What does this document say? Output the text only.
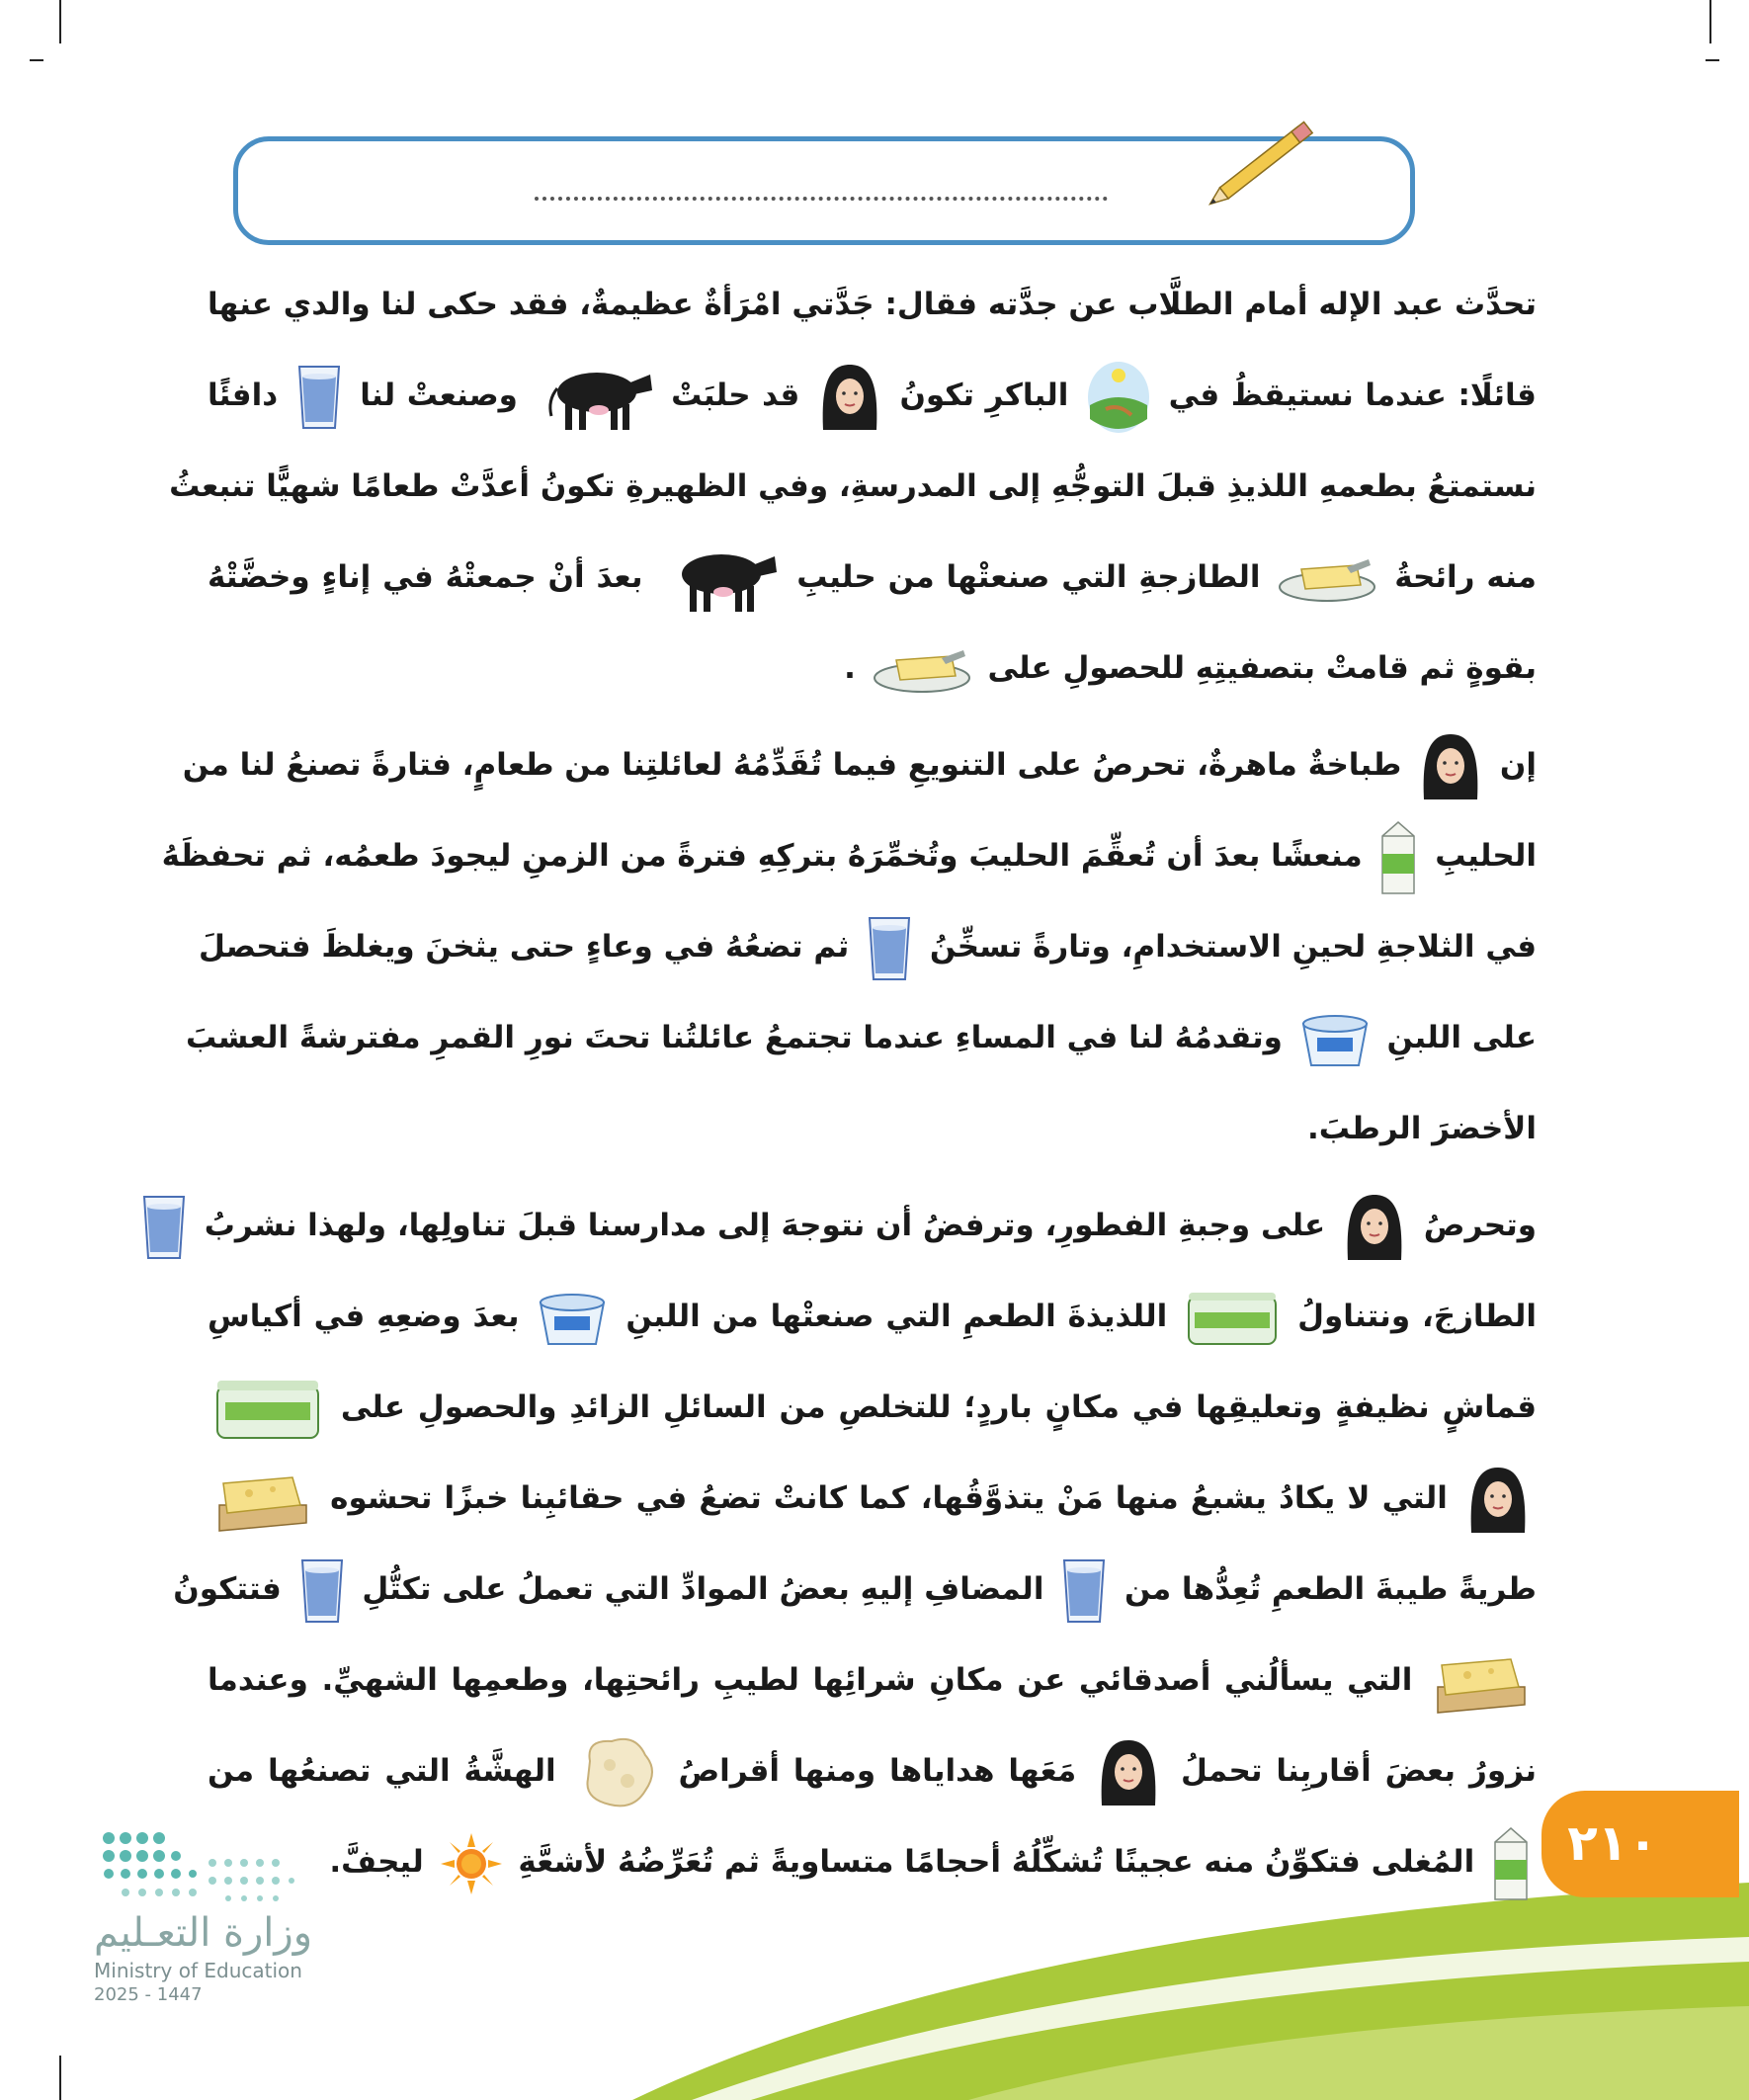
تحدَّث عبد الإله أمام الطلَّاب عن جدَّته فقال: جَدَّتي امْرَأةٌ عظيمةٌ، فقد حكى لنا والدي عنها
قائلًا: عندما نستيقظُ في  الباكرِ تكونُ  قد حلبَتْ  وصنعتْ لنا  دافئًا
نستمتعُ بطعمهِ اللذيذِ قبلَ التوجُّهِ إلى المدرسةِ، وفي الظهيرةِ تكونُ أعدَّتْ طعامًا شهيًّا تنبعثُ
منه رائحةُ  الطازجةِ التي صنعتْها من حليبِ  بعدَ أنْ جمعتْهُ في إناءٍ وخضَّتْهُ
بقوةٍ ثم قامتْ بتصفيتِهِ للحصولِ على  .
إن  طباخةٌ ماهرةٌ، تحرصُ على التنويعِ فيما تُقَدِّمُهُ لعائلتِنا من طعامٍ، فتارةً تصنعُ لنا من
الحليبِ  منعشًا بعدَ أن تُعقِّمَ الحليبَ وتُخمِّرَهُ بتركِهِ فترةً من الزمنِ ليجودَ طعمُه، ثم تحفظَهُ
في الثلاجةِ لحينِ الاستخدامِ، وتارةً تسخِّنُ  ثم تضعُهُ في وعاءٍ حتى يثخنَ ويغلظَ فتحصلَ
على اللبنِ  وتقدمُهُ لنا في المساءِ عندما تجتمعُ عائلتُنا تحتَ نورِ القمرِ مفترشةً العشبَ
الأخضرَ الرطبَ.
وتحرصُ  على وجبةِ الفطورِ، وترفضُ أن نتوجهَ إلى مدارسنا قبلَ تناولِها، ولهذا نشربُ
الطازجَ، ونتناولُ  اللذيذةَ الطعمِ التي صنعتْها من اللبنِ  بعدَ وضعِهِ في أكياسِ
قماشٍ نظيفةٍ وتعليقِها في مكانٍ باردٍ؛ للتخلصِ من السائلِ الزائدِ والحصولِ على
التي لا يكادُ يشبعُ منها مَنْ يتذوَّقُها، كما كانتْ تضعُ في حقائبِنا خبزًا تحشوه
طريةً طيبةَ الطعمِ تُعِدُّها من  المضافِ إليهِ بعضُ الموادِّ التي تعملُ على تكتُّلِ  فتتكونُ
التي يسألُني أصدقائي عن مكانِ شرائِها لطيبِ رائحتِها، وطعمِها الشهيِّ. وعندما
نزورُ بعضَ أقاربِنا تحملُ  مَعَها هداياها ومنها أقراصُ  الهشَّةُ التي تصنعُها من
المُغلى فتكوِّنُ منه عجينًا تُشكِّلُهُ أحجامًا متساويةً ثم تُعَرِّضُهُ لأشعَّةِ  ليجفَّ.	٢١٠
وزارة التعـليم
Ministry of Education
2025 - 1447
